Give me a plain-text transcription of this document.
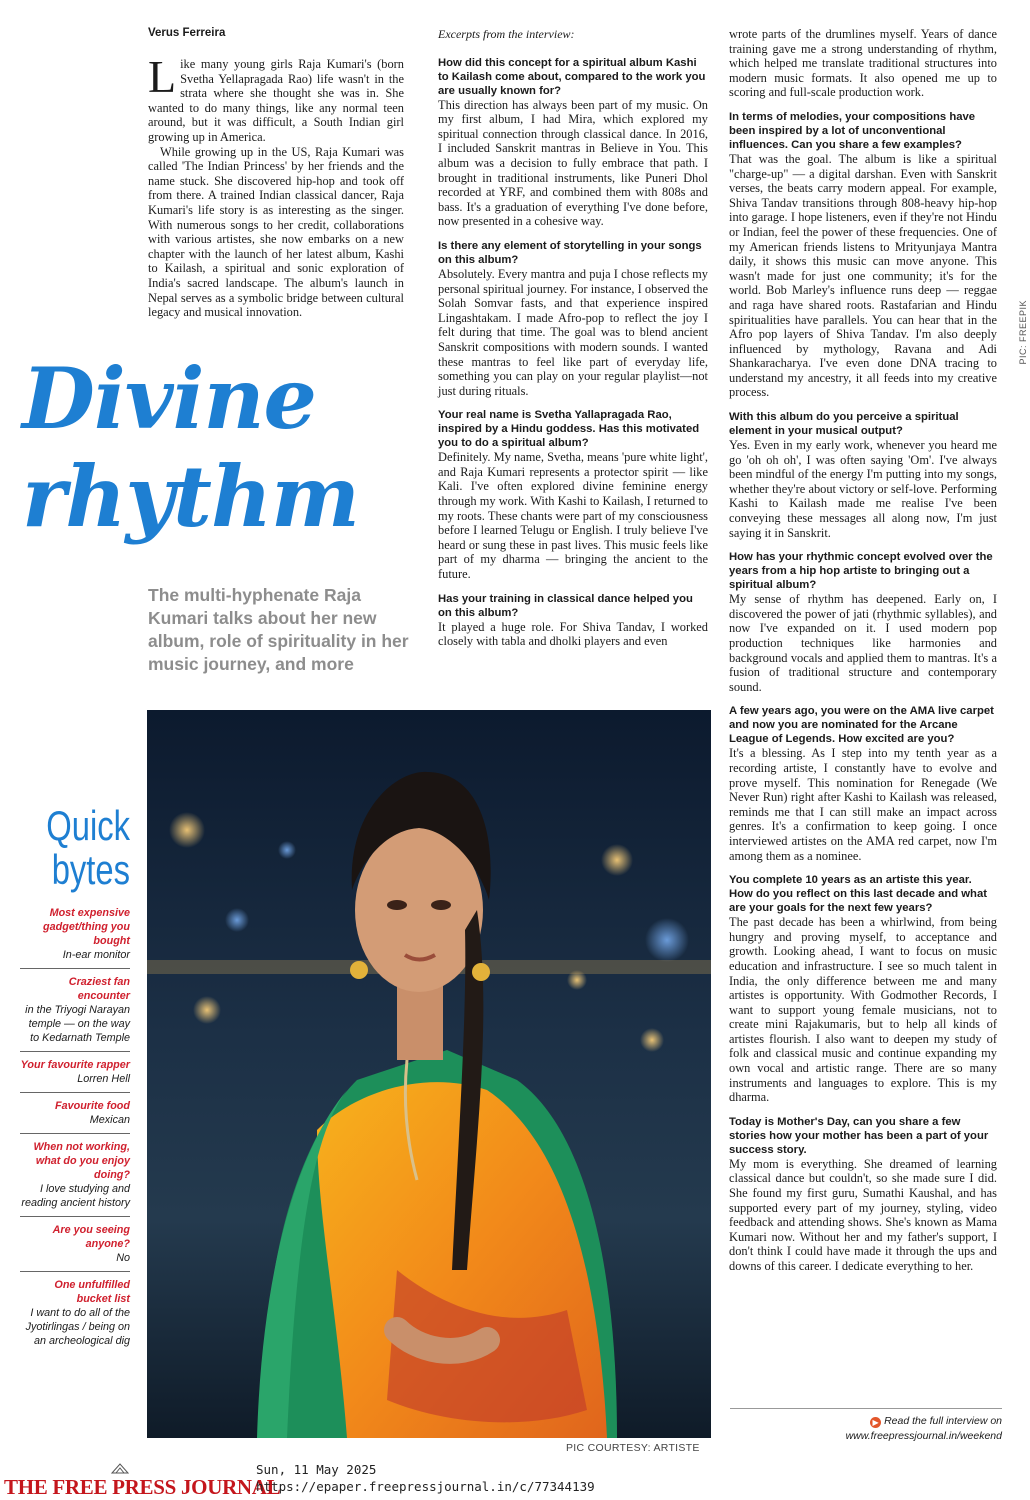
Verus Ferreira

Like many young girls Raja Kumari's (born Svetha Yellapragada Rao) life wasn't in the strata where she thought she was in. She wanted to do many things, like any normal teen around, but it was difficult, a South Indian girl growing up in America.

While growing up in the US, Raja Kumari was called 'The Indian Princess' by her friends and the name stuck. She discovered hip-hop and took off from there. A trained Indian classical dancer, Raja Kumari's life story is as interesting as the singer. With numerous songs to her credit, collaborations with various artistes, she now embarks on a new chapter with the launch of her latest album, Kashi to Kailash, a spiritual and sonic exploration of India's sacred landscape. The album's launch in Nepal serves as a symbolic bridge between cultural legacy and musical innovation.

Divine
rhythm
The multi-hyphenate Raja Kumari talks about her new album, role of spirituality in her music journey, and more

Excerpts from the interview:

How did this concept for a spiritual album Kashi to Kailash come about, compared to the work you are usually known for?

This direction has always been part of my music. On my first album, I had Mira, which explored my spiritual connection through classical dance. In 2016, I included Sanskrit mantras in Believe in You. This album was a decision to fully embrace that path. I brought in traditional instruments, like Puneri Dhol recorded at YRF, and combined them with 808s and bass. It's a graduation of everything I've done before, now presented in a cohesive way.

Is there any element of storytelling in your songs on this album?

Absolutely. Every mantra and puja I chose reflects my personal spiritual journey. For instance, I observed the Solah Somvar fasts, and that experience inspired Lingashtakam. I made Afro-pop to reflect the joy I felt during that time. The goal was to blend ancient Sanskrit compositions with modern sounds. I wanted these mantras to feel like part of everyday life, something you can play on your regular playlist—not just during rituals.

Your real name is Svetha Yallapragada Rao, inspired by a Hindu goddess. Has this motivated you to do a spiritual album?

Definitely. My name, Svetha, means 'pure white light', and Raja Kumari represents a protector spirit — like Kali. I've often explored divine feminine energy through my work. With Kashi to Kailash, I returned to my roots. These chants were part of my consciousness before I learned Telugu or English. I truly believe I've heard or sung these in past lives. This music feels like part of my dharma — bringing the ancient to the future.

Has your training in classical dance helped you on this album?

It played a huge role. For Shiva Tandav, I worked closely with tabla and dholki players and even

wrote parts of the drumlines myself. Years of dance training gave me a strong understanding of rhythm, which helped me translate traditional structures into modern music formats. It also opened me up to scoring and full-scale production work.

In terms of melodies, your compositions have been inspired by a lot of unconventional influences. Can you share a few examples?

That was the goal. The album is like a spiritual "charge-up" — a digital darshan. Even with Sanskrit verses, the beats carry modern appeal. For example, Shiva Tandav transitions through 808-heavy hip-hop into garage. I hope listeners, even if they're not Hindu or Indian, feel the power of these frequencies. One of my American friends listens to Mrityunjaya Mantra daily, it shows this music can move anyone. This wasn't made for just one community; it's for the world. Bob Marley's influence runs deep — reggae and raga have shared roots. Rastafarian and Hindu spiritualities have parallels. You can hear that in the Afro pop layers of Shiva Tandav. I'm also deeply influenced by mythology, Ravana and Adi Shankaracharya. I've even done DNA tracing to understand my ancestry, it all feeds into my creative process.

With this album do you perceive a spiritual element in your musical output?

Yes. Even in my early work, whenever you heard me go 'oh oh oh', I was often saying 'Om'. I've always been mindful of the energy I'm putting into my songs, whether they're about victory or self-love. Performing Kashi to Kailash made me realise I've been conveying these messages all along now, I'm just saying it in Sanskrit.

How has your rhythmic concept evolved over the years from a hip hop artiste to bringing out a spiritual album?

My sense of rhythm has deepened. Early on, I discovered the power of jati (rhythmic syllables), and now I've expanded on it. I used modern pop production techniques like harmonies and background vocals and applied them to mantras. It's a fusion of traditional structure and contemporary sound.

A few years ago, you were on the AMA live carpet and now you are nominated for the Arcane League of Legends. How excited are you?

It's a blessing. As I step into my tenth year as a recording artiste, I constantly have to evolve and prove myself. This nomination for Renegade (We Never Run) right after Kashi to Kailash was released, reminds me that I can still make an impact across genres. It's a confirmation to keep going. I once interviewed artistes on the AMA red carpet, now I'm among them as a nominee.

You complete 10 years as an artiste this year. How do you reflect on this last decade and what are your goals for the next few years?

The past decade has been a whirlwind, from being hungry and proving myself, to acceptance and growth. Looking ahead, I want to focus on music education and infrastructure. I see so much talent in India, the only difference between me and many artistes is opportunity. With Godmother Records, I want to support young female musicians, not to create mini Rajakumaris, but to help all kinds of artistes flourish. I also want to deepen my study of folk and classical music and continue expanding my own vocal and artistic range. There are so many instruments and languages to explore. This is my dharma.

Today is Mother's Day, can you share a few stories how your mother has been a part of your success story.

My mom is everything. She dreamed of learning classical dance but couldn't, so she made sure I did. She found my first guru, Sumathi Kaushal, and has supported every part of my journey, styling, video feedback and attending shows. She's known as Mama Kumari now. Without her and my father's support, I don't think I could have made it through the ups and downs of this career. I dedicate everything to her.

PIC: FREEPIK
PIC COURTESY: ARTISTE
Quick
bytes
Most expensive gadget/thing you bought
In-ear monitor
Craziest fan encounter
in the Triyogi Narayan temple — on the way to Kedarnath Temple
Your favourite rapper
Lorren Hell
Favourite food
Mexican
When not working, what do you enjoy doing?
I love studying and reading ancient history
Are you seeing anyone?
No
One unfulfilled bucket list
I want to do all of the Jyotirlingas / being on an archeological dig
▶ Read the full interview on
www.freepressjournal.in/weekend
THE FREE PRESS JOURNAL
Sun, 11 May 2025
https://epaper.freepressjournal.in/c/77344139
